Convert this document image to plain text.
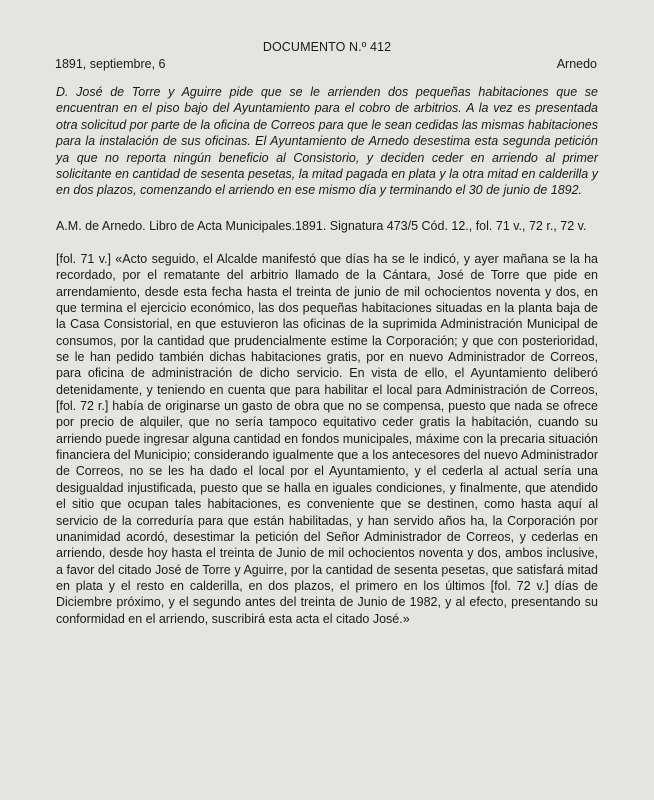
DOCUMENTO N.º 412
1891, septiembre, 6	Arnedo

D. José de Torre y Aguirre pide que se le arrienden dos pequeñas habitaciones que se encuentran en el piso bajo del Ayuntamiento para el cobro de arbitrios. A la vez es presentada otra solicitud por parte de la oficina de Correos para que le sean cedidas las mismas habitaciones para la instalación de sus oficinas. El Ayuntamiento de Arnedo desestima esta segunda petición ya que no reporta ningún beneficio al Consistorio, y deciden ceder en arriendo al primer solicitante en cantidad de sesenta pesetas, la mitad pagada en plata y la otra mitad en calderilla y en dos plazos, comenzando el arriendo en ese mismo día y terminando el 30 de junio de 1892.

A.M. de Arnedo. Libro de Acta Municipales.1891. Signatura 473/5 Cód. 12., fol. 71 v., 72 r., 72 v.

[fol. 71 v.] «Acto seguido, el Alcalde manifestó que días ha se le indicó, y ayer mañana se la ha recordado, por el rematante del arbitrio llamado de la Cántara, José de Torre que pide en arrendamiento, desde esta fecha hasta el treinta de junio de mil ochocientos noventa y dos, en que termina el ejercicio económico, las dos pequeñas habitaciones situadas en la planta baja de la Casa Consistorial, en que estuvieron las oficinas de la suprimida Administración Municipal de consumos, por la cantidad que prudencialmente estime la Corporación; y que con posterioridad, se le han pedido también dichas habitaciones gratis, por en nuevo Administrador de Correos, para oficina de administración de dicho servicio. En vista de ello, el Ayuntamiento deliberó detenidamente, y teniendo en cuenta que para habilitar el local para Administración de Correos, [fol. 72 r.] había de originarse un gasto de obra que no se compensa, puesto que nada se ofrece por precio de alquiler, que no sería tampoco equitativo ceder gratis la habitación, cuando su arriendo puede ingresar alguna cantidad en fondos municipales, máxime con la precaria situación financiera del Municipio; considerando igualmente que a los antecesores del nuevo Administrador de Correos, no se les ha dado el local por el Ayuntamiento, y el cederla al actual sería una desigualdad injustificada, puesto que se halla en iguales condiciones, y finalmente, que atendido el sitio que ocupan tales habitaciones, es conveniente que se destinen, como hasta aquí al servicio de la correduría para que están habilitadas, y han servido años ha, la Corporación por unanimidad acordó, desestimar la petición del Señor Administrador de Correos, y cederlas en arriendo, desde hoy hasta el treinta de Junio de mil ochocientos noventa y dos, ambos inclusive, a favor del citado José de Torre y Aguirre, por la cantidad de sesenta pesetas, que satisfará mitad en plata y el resto en calderilla, en dos plazos, el primero en los últimos [fol. 72 v.] días de Diciembre próximo, y el segundo antes del treinta de Junio de 1982, y al efecto, presentando su conformidad en el arriendo, suscribirá esta acta el citado José.»
